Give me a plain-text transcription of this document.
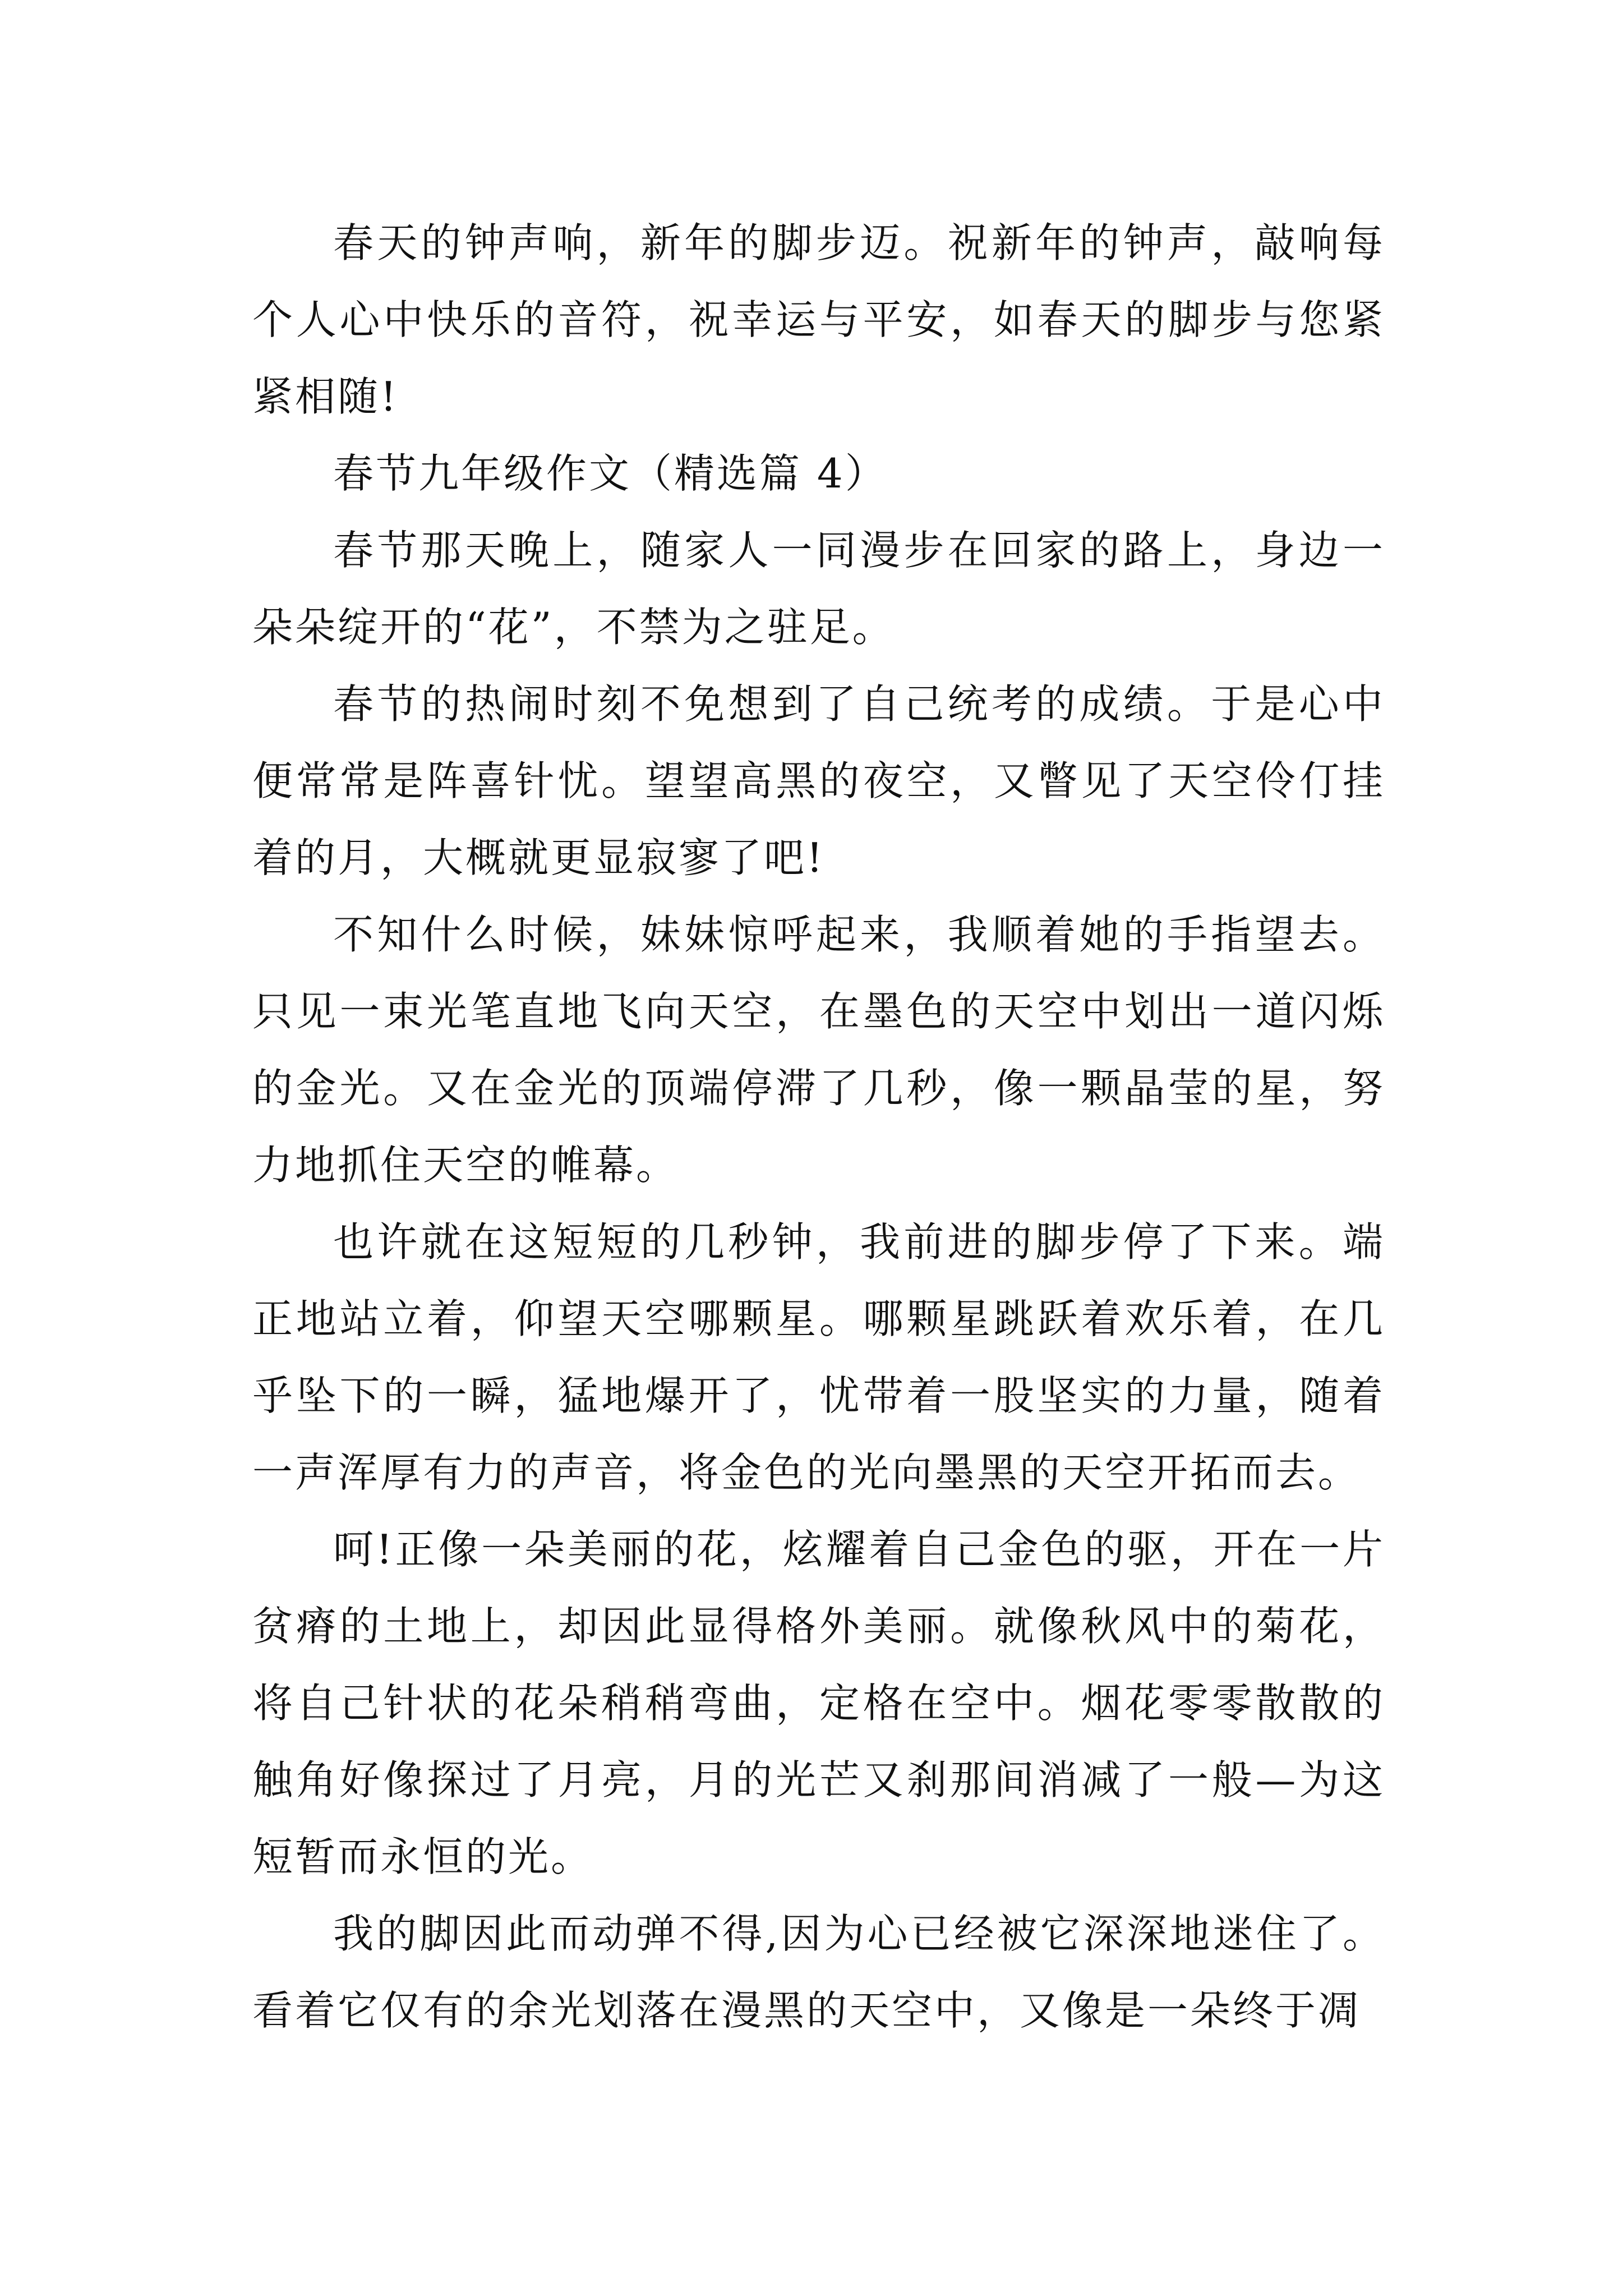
春天的钟声响，新年的脚步迈。祝新年的钟声，敲响每个人心中快乐的音符，祝幸运与平安，如春天的脚步与您紧紧相随!

春节九年级作文（精选篇 4）

春节那天晚上，随家人一同漫步在回家的路上，身边一朵朵绽开的“花”，不禁为之驻足。

春节的热闹时刻不免想到了自己统考的成绩。于是心中便常常是阵喜针忧。望望高黑的夜空，又瞥见了天空伶仃挂着的月，大概就更显寂寥了吧!

不知什么时候，妹妹惊呼起来，我顺着她的手指望去。只见一束光笔直地飞向天空，在墨色的天空中划出一道闪烁的金光。又在金光的顶端停滞了几秒，像一颗晶莹的星，努力地抓住天空的帷幕。

也许就在这短短的几秒钟，我前进的脚步停了下来。端正地站立着，仰望天空哪颗星。哪颗星跳跃着欢乐着，在几乎坠下的一瞬，猛地爆开了，忧带着一股坚实的力量，随着一声浑厚有力的声音，将金色的光向墨黑的天空开拓而去。

呵!正像一朵美丽的花，炫耀着自己金色的驱，开在一片贫瘠的土地上，却因此显得格外美丽。就像秋风中的菊花，将自己针状的花朵稍稍弯曲，定格在空中。烟花零零散散的触角好像探过了月亮，月的光芒又刹那间消减了一般—为这短暂而永恒的光。

我的脚因此而动弹不得,因为心已经被它深深地迷住了。看着它仅有的余光划落在漫黑的天空中，又像是一朵终于凋
